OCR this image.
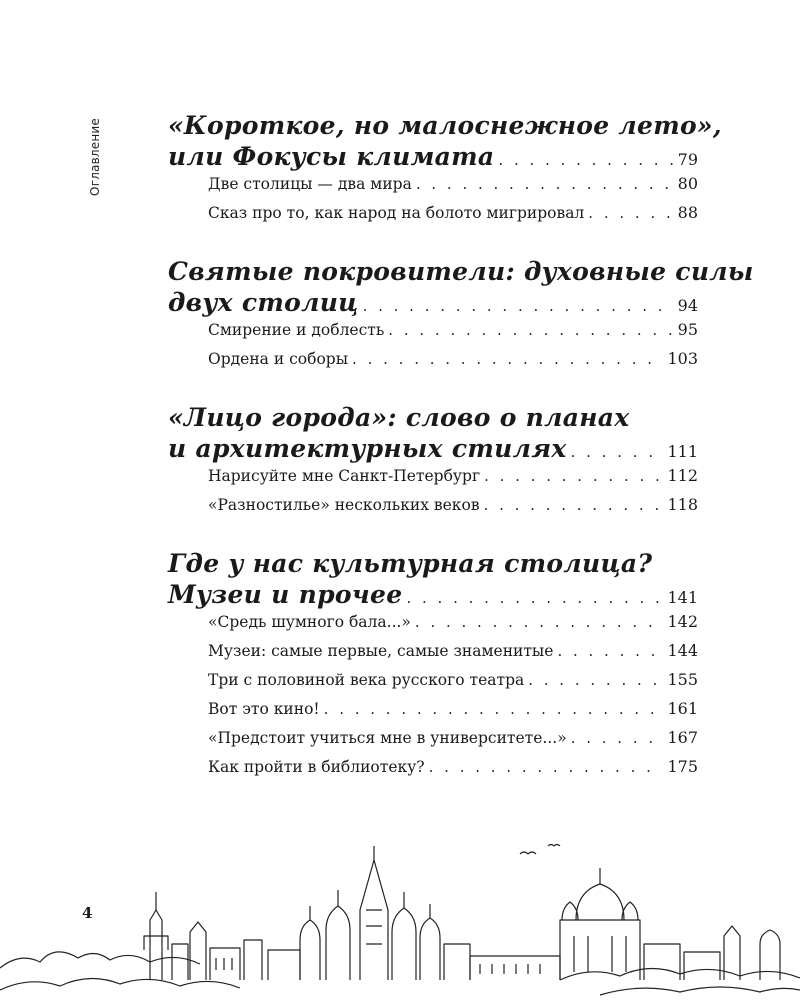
Оглавление	«Короткое, но малоснежное лето»,
или Фокусы климата . . .	79
Две столицы — два мира . . .	80
Сказ про то, как народ на болото мигрировал . . .	88
Святые покровители: духовные силы
двух столиц . . .	94
Смирение и доблесть . . .	95
Ордена и соборы . . .	103
«Лицо города»: слово о планах
и архитектурных стилях . . .	111
Нарисуйте мне Санкт-Петербург . . .	112
«Разностилье» нескольких веков . . .	118
Где у нас культурная столица?
Музеи и прочее . . .	141
«Средь шумного бала...» . . .	142
Музеи: самые первые, самые знаменитые . . .	144
Три с половиной века русского театра . . .	155
Вот это кино! . . .	161
«Предстоит учиться мне в университете...» . . .	167
Как пройти в библиотеку? . . .	175
4
